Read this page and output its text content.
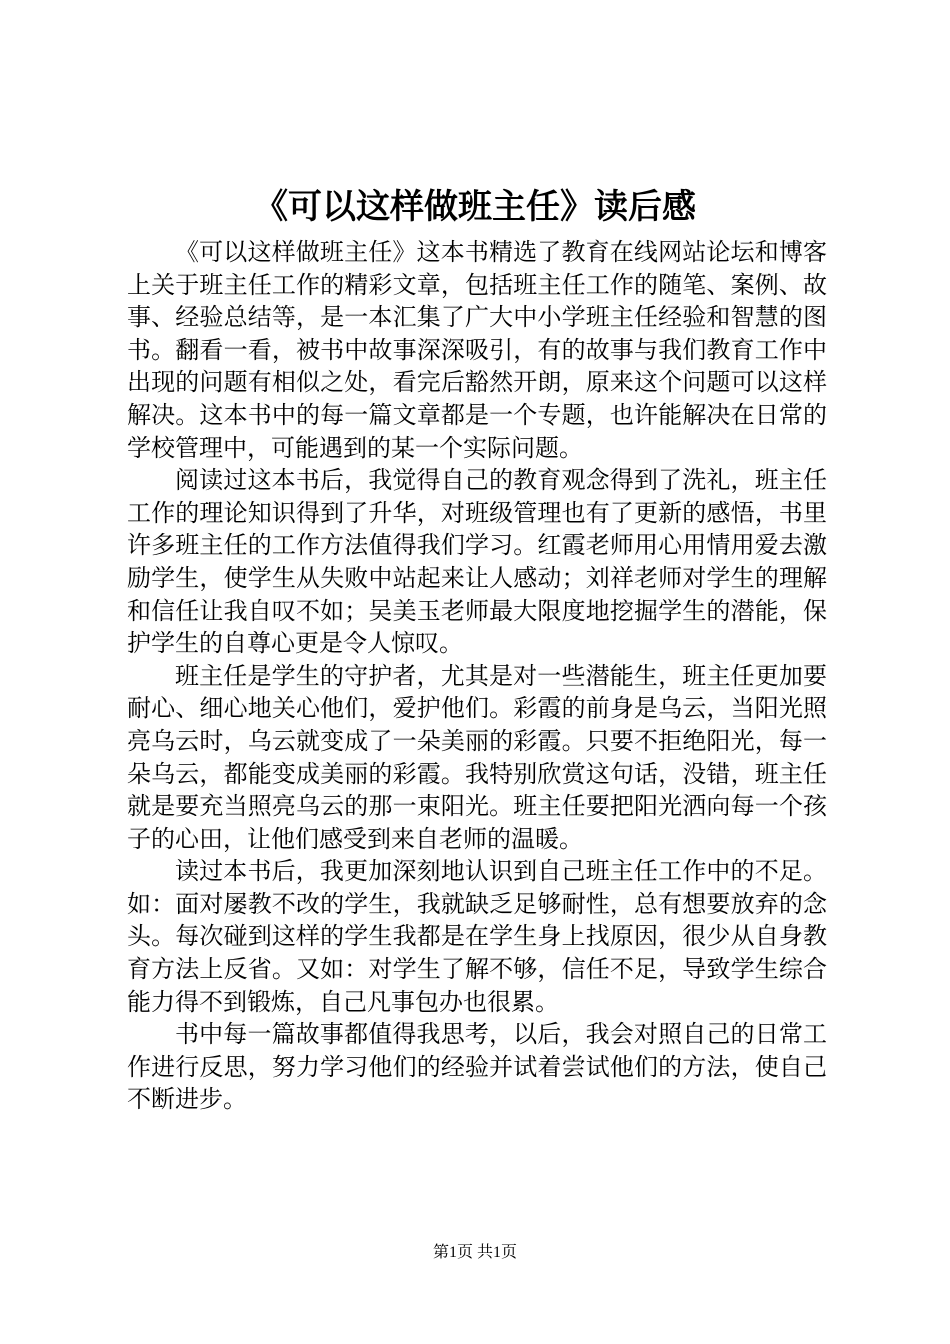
《可以这样做班主任》读后感

《可以这样做班主任》这本书精选了教育在线网站论坛和博客上关于班主任工作的精彩文章，包括班主任工作的随笔、案例、故事、经验总结等，是一本汇集了广大中小学班主任经验和智慧的图书。翻看一看，被书中故事深深吸引，有的故事与我们教育工作中出现的问题有相似之处，看完后豁然开朗，原来这个问题可以这样解决。这本书中的每一篇文章都是一个专题，也许能解决在日常的学校管理中，可能遇到的某一个实际问题。

阅读过这本书后，我觉得自己的教育观念得到了洗礼，班主任工作的理论知识得到了升华，对班级管理也有了更新的感悟，书里许多班主任的工作方法值得我们学习。红霞老师用心用情用爱去激励学生，使学生从失败中站起来让人感动；刘祥老师对学生的理解和信任让我自叹不如；吴美玉老师最大限度地挖掘学生的潜能，保护学生的自尊心更是令人惊叹。

班主任是学生的守护者，尤其是对一些潜能生，班主任更加要耐心、细心地关心他们，爱护他们。彩霞的前身是乌云，当阳光照亮乌云时，乌云就变成了一朵美丽的彩霞。只要不拒绝阳光，每一朵乌云，都能变成美丽的彩霞。我特别欣赏这句话，没错，班主任就是要充当照亮乌云的那一束阳光。班主任要把阳光洒向每一个孩子的心田，让他们感受到来自老师的温暖。

读过本书后，我更加深刻地认识到自己班主任工作中的不足。如：面对屡教不改的学生，我就缺乏足够耐性，总有想要放弃的念头。每次碰到这样的学生我都是在学生身上找原因，很少从自身教育方法上反省。又如：对学生了解不够，信任不足，导致学生综合能力得不到锻炼，自己凡事包办也很累。

书中每一篇故事都值得我思考，以后，我会对照自己的日常工作进行反思，努力学习他们的经验并试着尝试他们的方法，使自己不断进步。

第1页 共1页
